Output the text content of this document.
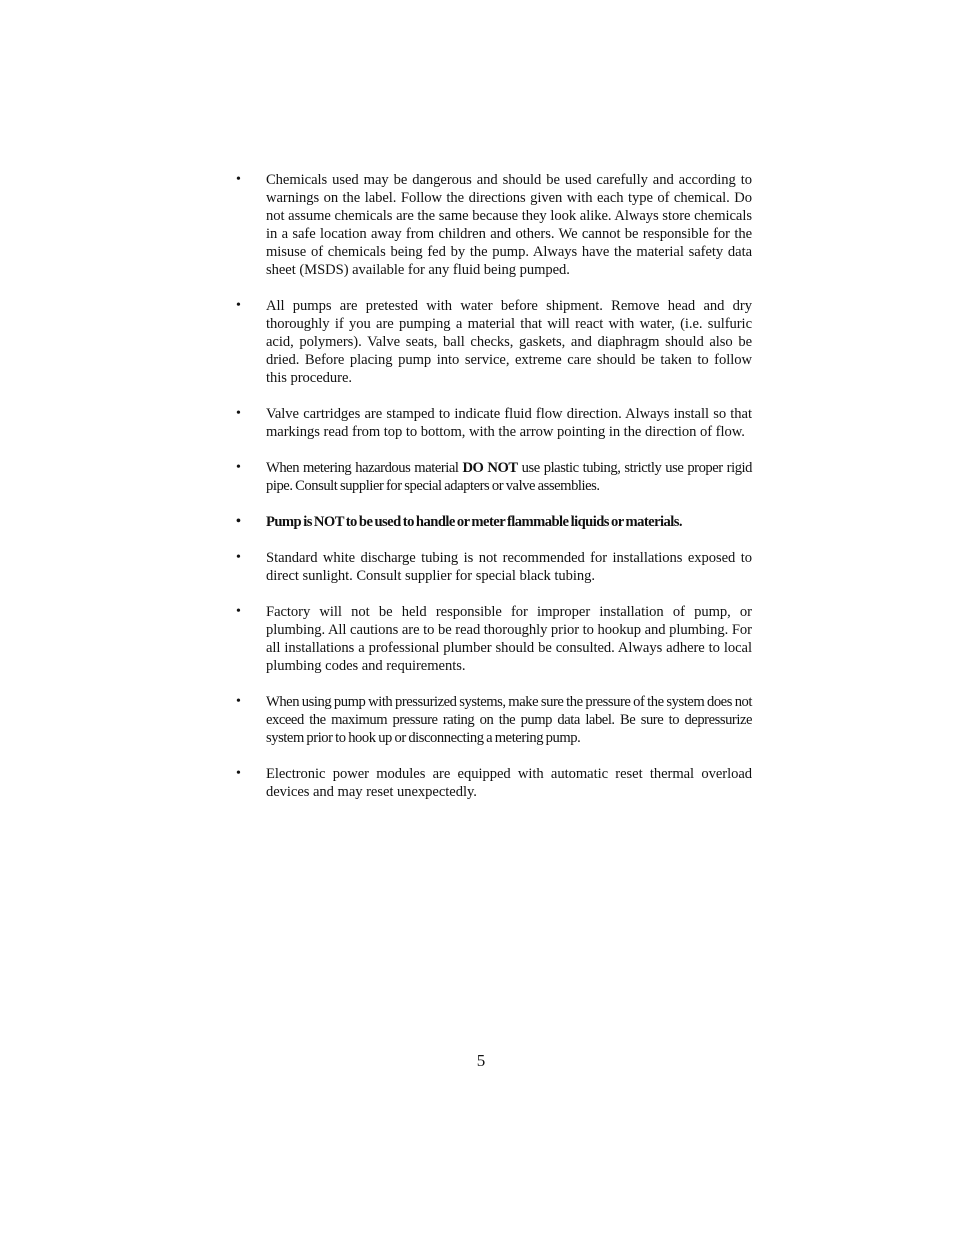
• Chemicals used may be dangerous and should be used carefully and according to warnings on the label. Follow the directions given with each type of chemical. Do not assume chemicals are the same because they look alike. Always store chemicals in a safe location away from children and others. We cannot be responsible for the misuse of chemicals being fed by the pump. Always have the material safety data sheet (MSDS) available for any fluid being pumped.
• All pumps are pretested with water before shipment. Remove head and dry thoroughly if you are pumping a material that will react with water, (i.e. sulfuric acid, polymers). Valve seats, ball checks, gaskets, and diaphragm should also be dried. Before placing pump into service, extreme care should be taken to follow this procedure.
• Valve cartridges are stamped to indicate fluid flow direction. Always install so that markings read from top to bottom, with the arrow pointing in the direction of flow.
• When metering hazardous material DO NOT use plastic tubing, strictly use proper rigid pipe. Consult supplier for special adapters or valve assemblies.
• Pump is NOT to be used to handle or meter flammable liquids or materials.
• Standard white discharge tubing is not recommended for installations exposed to direct sunlight. Consult supplier for special black tubing.
• Factory will not be held responsible for improper installation of pump, or plumbing. All cautions are to be read thoroughly prior to hookup and plumbing. For all installations a professional plumber should be consulted. Always adhere to local plumbing codes and requirements.
• When using pump with pressurized systems, make sure the pressure of the system does not exceed the maximum pressure rating on the pump data label. Be sure to depressurize system prior to hook up or disconnecting a metering pump.
• Electronic power modules are equipped with automatic reset thermal overload devices and may reset unexpectedly.
5
